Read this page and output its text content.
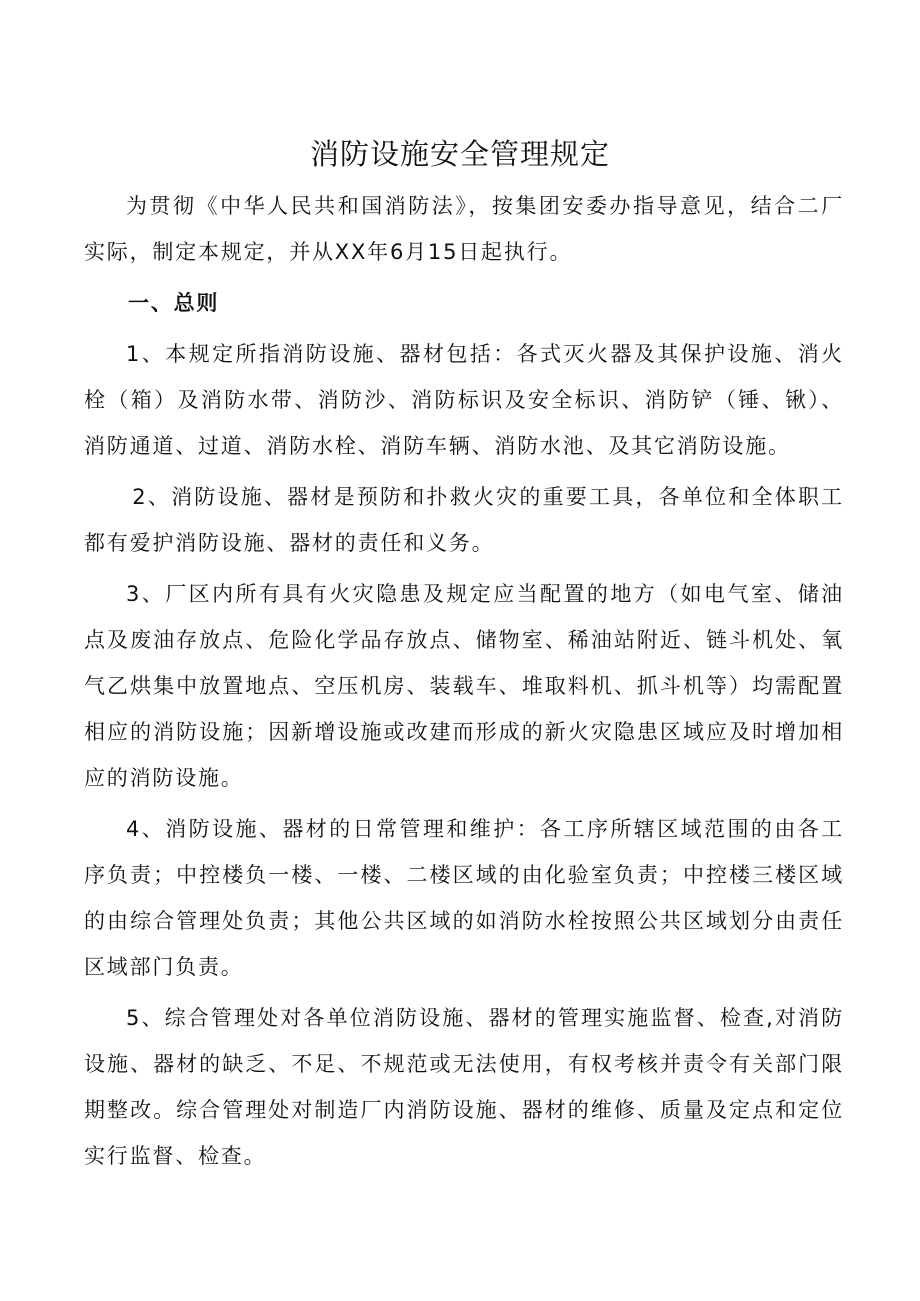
消防设施安全管理规定

为贯彻《中华人民共和国消防法》，按集团安委办指导意见，结合二厂实际，制定本规定，并从XX年6月15日起执行。

一、总则

1、本规定所指消防设施、器材包括：各式灭火器及其保护设施、消火栓（箱）及消防水带、消防沙、消防标识及安全标识、消防铲（锤、锹）、消防通道、过道、消防水栓、消防车辆、消防水池、及其它消防设施。

2、消防设施、器材是预防和扑救火灾的重要工具，各单位和全体职工都有爱护消防设施、器材的责任和义务。

3、厂区内所有具有火灾隐患及规定应当配置的地方（如电气室、储油点及废油存放点、危险化学品存放点、储物室、稀油站附近、链斗机处、氧气乙烘集中放置地点、空压机房、装载车、堆取料机、抓斗机等）均需配置相应的消防设施；因新增设施或改建而形成的新火灾隐患区域应及时增加相应的消防设施。

4、消防设施、器材的日常管理和维护：各工序所辖区域范围的由各工序负责；中控楼负一楼、一楼、二楼区域的由化验室负责；中控楼三楼区域的由综合管理处负责；其他公共区域的如消防水栓按照公共区域划分由责任区域部门负责。

5、综合管理处对各单位消防设施、器材的管理实施监督、检查,对消防设施、器材的缺乏、不足、不规范或无法使用，有权考核并责令有关部门限期整改。综合管理处对制造厂内消防设施、器材的维修、质量及定点和定位实行监督、检查。
